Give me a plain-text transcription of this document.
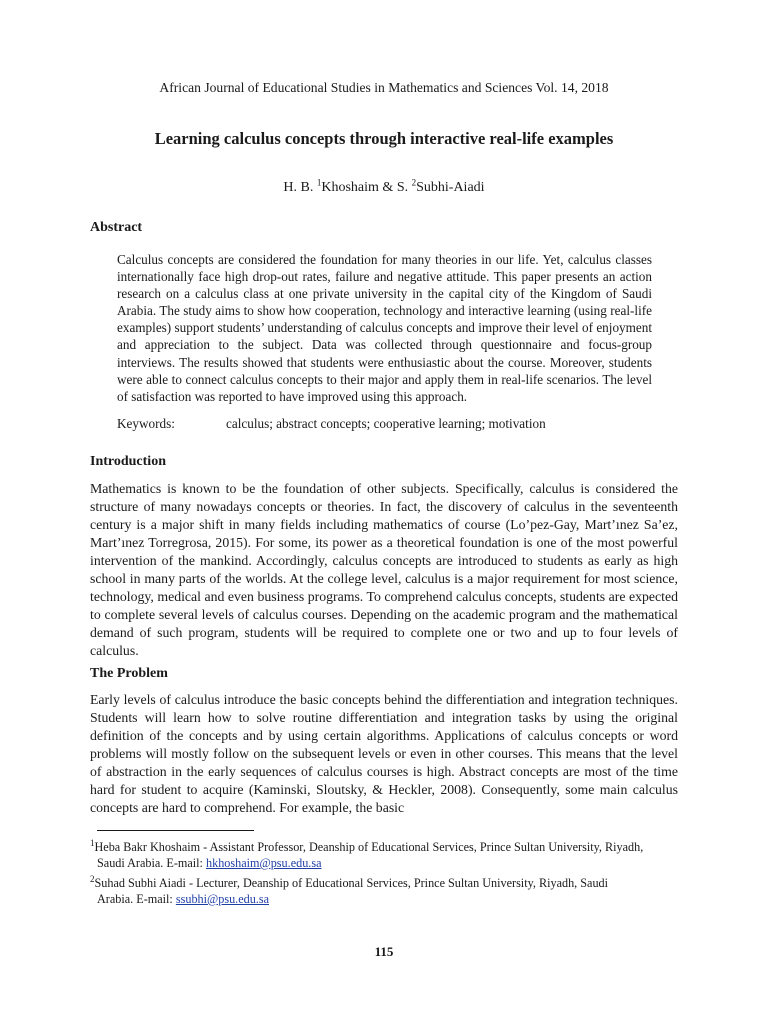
African Journal of Educational Studies in Mathematics and Sciences Vol. 14, 2018
Learning calculus concepts through interactive real-life examples
H. B. $^1$Khoshaim & S. $^2$Subhi-Aiadi
Abstract
Calculus concepts are considered the foundation for many theories in our life. Yet, calculus classes internationally face high drop-out rates, failure and negative attitude. This paper presents an action research on a calculus class at one private university in the capital city of the Kingdom of Saudi Arabia. The study aims to show how cooperation, technology and interactive learning (using real-life examples) support students’ understanding of calculus concepts and improve their level of enjoyment and appreciation to the subject. Data was collected through questionnaire and focus-group interviews. The results showed that students were enthusiastic about the course. Moreover, students were able to connect calculus concepts to their major and apply them in real-life scenarios. The level of satisfaction was reported to have improved using this approach.
Keywords:	calculus; abstract concepts; cooperative learning; motivation
Introduction
Mathematics is known to be the foundation of other subjects. Specifically, calculus is considered the structure of many nowadays concepts or theories. In fact, the discovery of calculus in the seventeenth century is a major shift in many fields including mathematics of course (Lo’pez-Gay, Mart’ınez Sa’ez, Mart’ınez Torregrosa, 2015). For some, its power as a theoretical foundation is one of the most powerful intervention of the mankind. Accordingly, calculus concepts are introduced to students as early as high school in many parts of the worlds. At the college level, calculus is a major requirement for most science, technology, medical and even business programs. To comprehend calculus concepts, students are expected to complete several levels of calculus courses. Depending on the academic program and the mathematical demand of such program, students will be required to complete one or two and up to four levels of calculus.
The Problem
Early levels of calculus introduce the basic concepts behind the differentiation and integration techniques. Students will learn how to solve routine differentiation and integration tasks by using the original definition of the concepts and by using certain algorithms. Applications of calculus concepts or word problems will mostly follow on the subsequent levels or even in other courses. This means that the level of abstraction in the early sequences of calculus courses is high. Abstract concepts are most of the time hard for student to acquire (Kaminski, Sloutsky, & Heckler, 2008). Consequently, some main calculus concepts are hard to comprehend. For example, the basic
$^1$Heba Bakr Khoshaim - Assistant Professor, Deanship of Educational Services, Prince Sultan University, Riyadh,
Saudi Arabia. E-mail: hkhoshaim@psu.edu.sa
$^2$Suhad Subhi Aiadi - Lecturer, Deanship of Educational Services, Prince Sultan University, Riyadh, Saudi
Arabia. E-mail: ssubhi@psu.edu.sa
115
